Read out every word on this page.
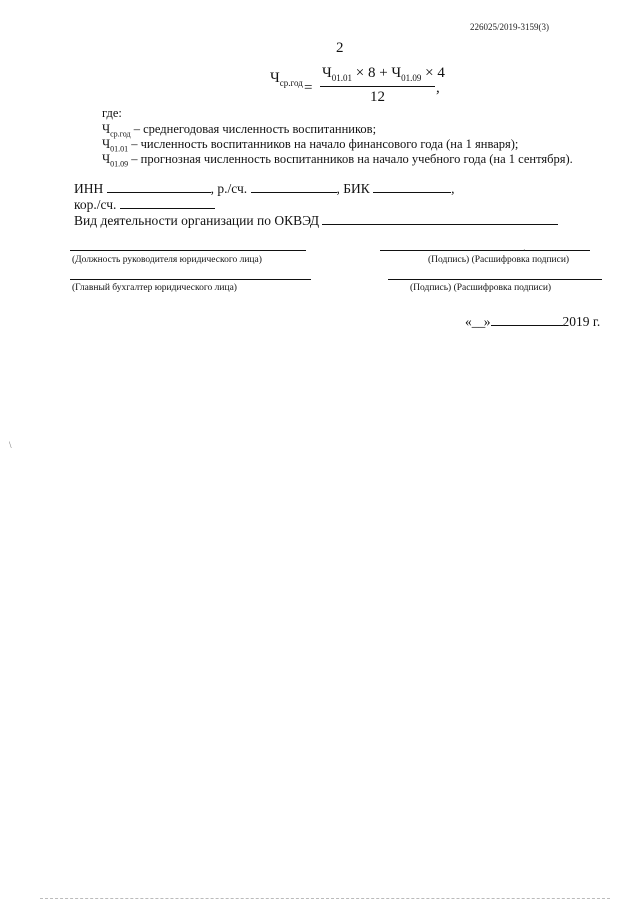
226025/2019-3159(3)
2
$Ч_{ср.год}$ =
$Ч_{01.01} \times 8 + Ч_{01.09} \times 4$
12
,
где:
$Ч_{ср.год}$ – среднегодовая численность воспитанников;
$Ч_{01.01}$ – численность воспитанников на начало финансового года (на 1 января);
$Ч_{01.09}$ – прогнозная численность воспитанников на начало учебного года (на 1 сентября).
ИНН	, р./сч.	, БИК	,
кор./сч.
Вид деятельности организации по ОКВЭД
(Должность руководителя юридического лица)	(Подпись) (Расшифровка подписи)
·
(Главный бухгалтер юридического лица)	(Подпись) (Расшифровка подписи)
«__»	2019 г.
\
